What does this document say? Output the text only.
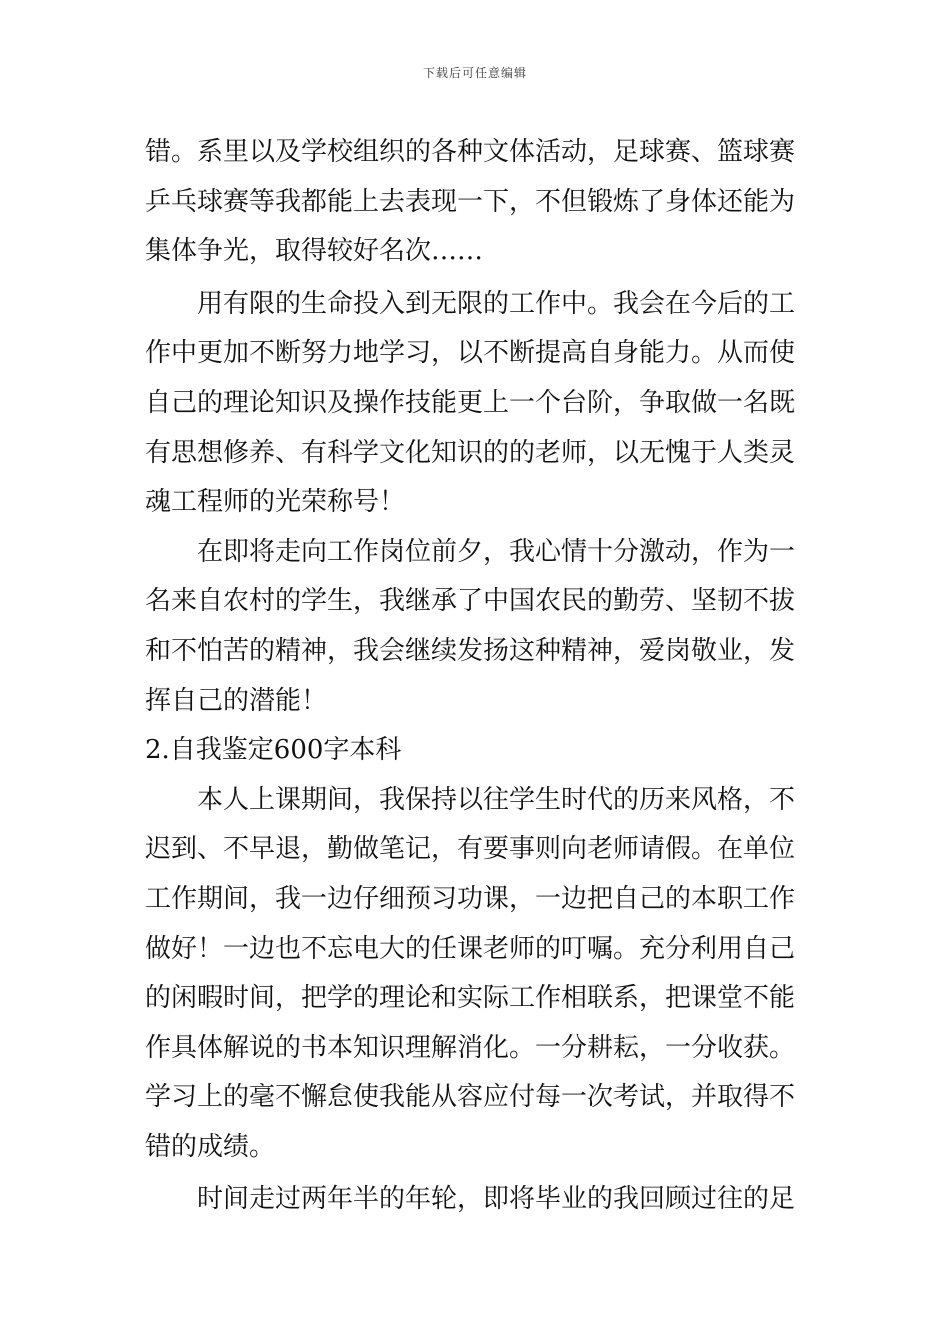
下载后可任意编辑
错。系里以及学校组织的各种文体活动，足球赛、篮球赛
乒乓球赛等我都能上去表现一下，不但锻炼了身体还能为
集体争光，取得较好名次……
用有限的生命投入到无限的工作中。我会在今后的工
作中更加不断努力地学习，以不断提高自身能力。从而使
自己的理论知识及操作技能更上一个台阶，争取做一名既
有思想修养、有科学文化知识的的老师，以无愧于人类灵
魂工程师的光荣称号！
在即将走向工作岗位前夕，我心情十分激动，作为一
名来自农村的学生，我继承了中国农民的勤劳、坚韧不拔
和不怕苦的精神，我会继续发扬这种精神，爱岗敬业，发
挥自己的潜能！
2.自我鉴定600字本科
本人上课期间，我保持以往学生时代的历来风格，不
迟到、不早退，勤做笔记，有要事则向老师请假。在单位
工作期间，我一边仔细预习功课，一边把自己的本职工作
做好！一边也不忘电大的任课老师的叮嘱。充分利用自己
的闲暇时间，把学的理论和实际工作相联系，把课堂不能
作具体解说的书本知识理解消化。一分耕耘，一分收获。
学习上的毫不懈怠使我能从容应付每一次考试，并取得不
错的成绩。
时间走过两年半的年轮，即将毕业的我回顾过往的足
